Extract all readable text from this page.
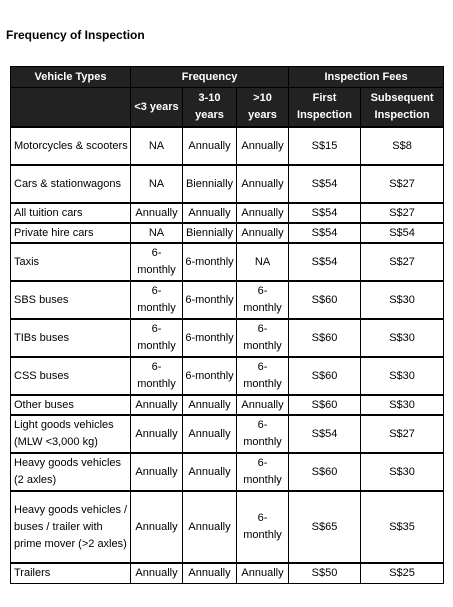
Frequency of Inspection
Vehicle Types	Frequency			Inspection Fees	
	<3 years	3-10 years	>10 years	First Inspection	Subsequent Inspection
Motorcycles & scooters	NA	Annually	Annually	S$15	S$8
Cars & stationwagons	NA	Biennially	Annually	S$54	S$27
All tuition cars	Annually	Annually	Annually	S$54	S$27
Private hire cars	NA	Biennially	Annually	S$54	S$54
Taxis	6-monthly	6-monthly	NA	S$54	S$27
SBS buses	6-monthly	6-monthly	6-monthly	S$60	S$30
TIBs buses	6-monthly	6-monthly	6-monthly	S$60	S$30
CSS buses	6-monthly	6-monthly	6-monthly	S$60	S$30
Other buses	Annually	Annually	Annually	S$60	S$30
Light goods vehicles (MLW <3,000 kg)	Annually	Annually	6-monthly	S$54	S$27
Heavy goods vehicles (2 axles)	Annually	Annually	6-monthly	S$60	S$30
Heavy goods vehicles / buses / trailer with prime mover (>2 axles)	Annually	Annually	6-monthly	S$65	S$35
Trailers	Annually	Annually	Annually	S$50	S$25
